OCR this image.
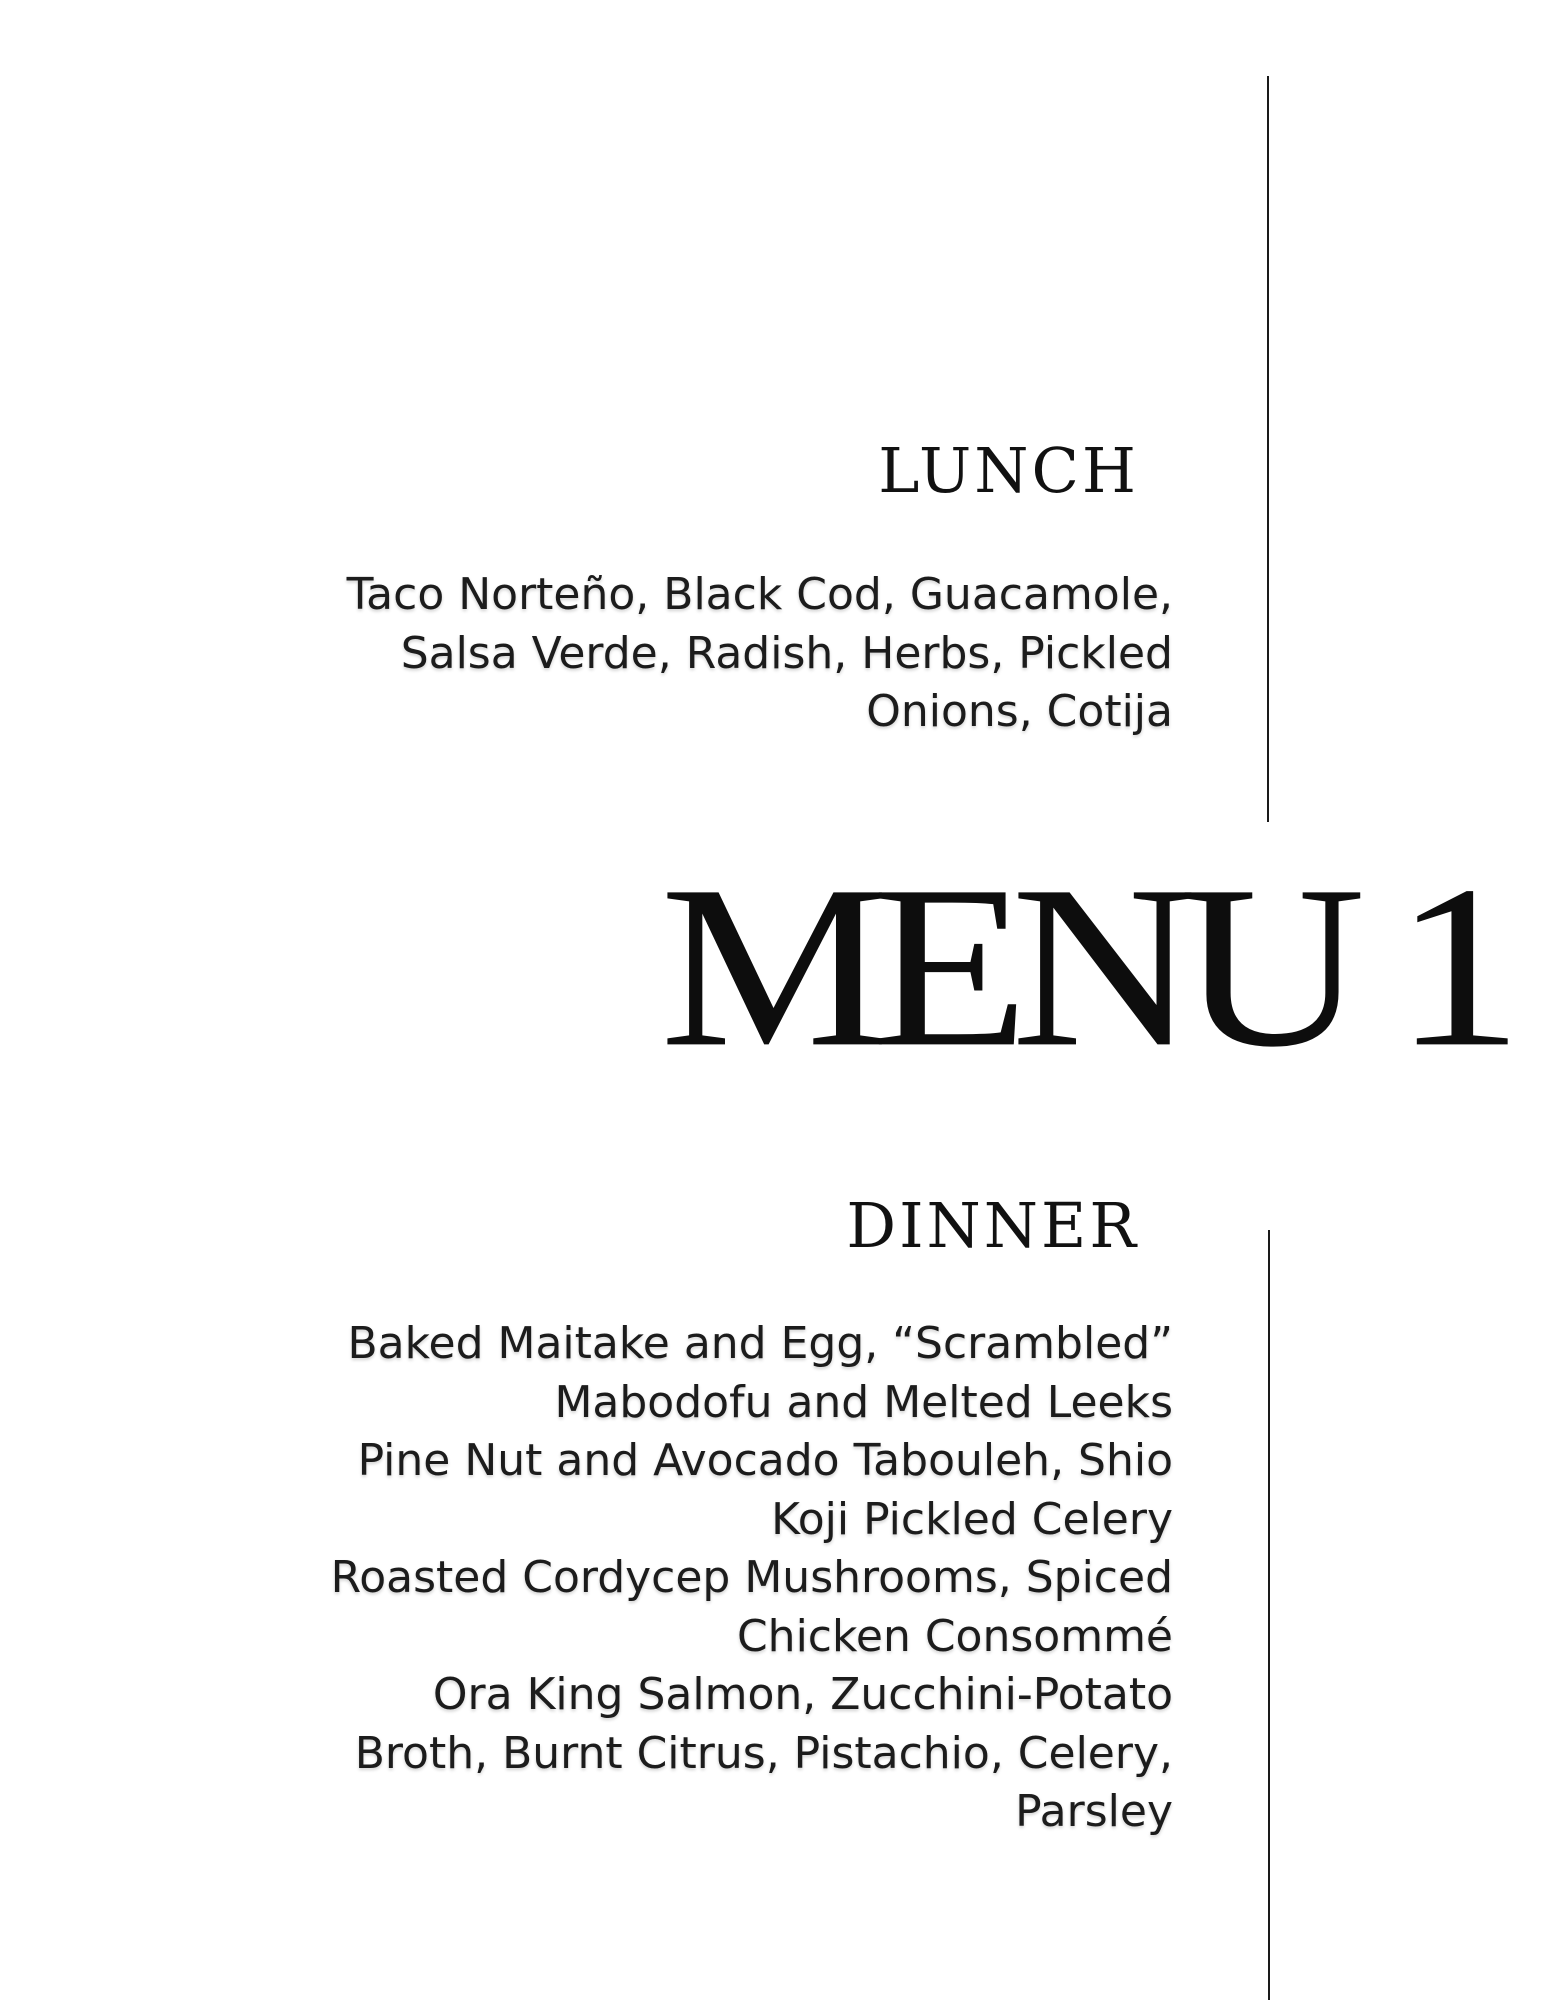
LUNCH
Taco Norteño, Black Cod, Guacamole,
Salsa Verde, Radish, Herbs, Pickled
Onions, Cotija
MENU 1
DINNER
Baked Maitake and Egg, “Scrambled”
Mabodofu and Melted Leeks
Pine Nut and Avocado Tabouleh, Shio
Koji Pickled Celery
Roasted Cordycep Mushrooms, Spiced
Chicken Consommé
Ora King Salmon, Zucchini-Potato
Broth, Burnt Citrus, Pistachio, Celery,
Parsley
